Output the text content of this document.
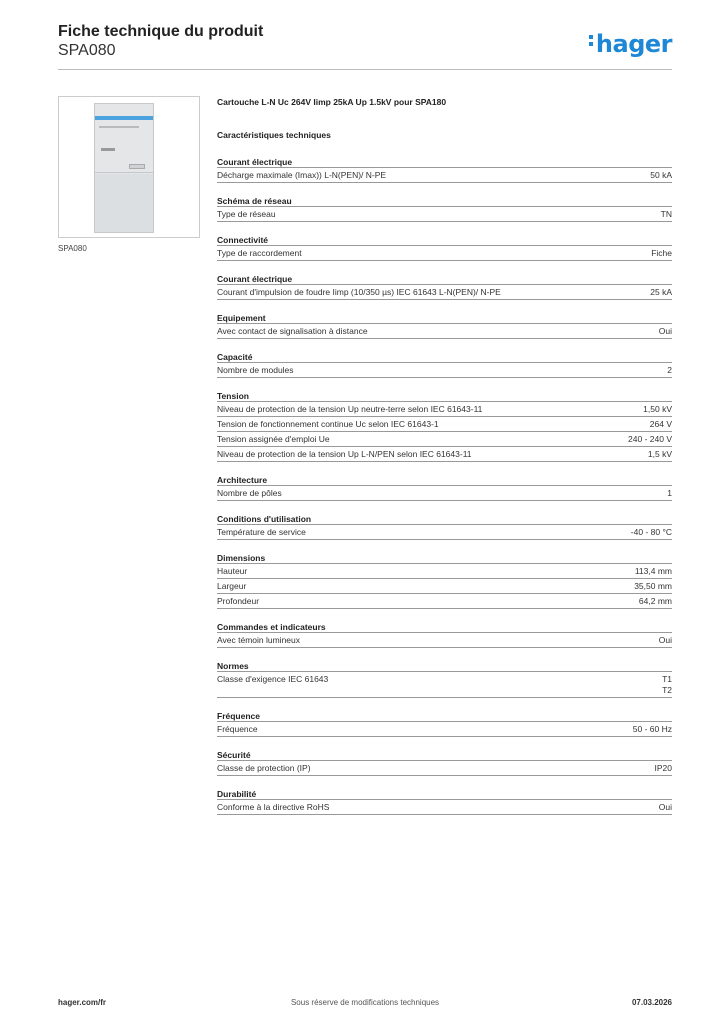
Fiche technique du produit
SPA080	hager
SPA080
Cartouche L-N Uc 264V Iimp 25kA Up 1.5kV pour SPA180
Caractéristiques techniques
Courant électrique
Décharge maximale (Imax)) L-N(PEN)/ N-PE	50 kA
Schéma de réseau
Type de réseau	TN
Connectivité
Type de raccordement	Fiche
Courant électrique
Courant d'impulsion de foudre Iimp (10/350 µs) IEC 61643 L-N(PEN)/ N-PE	25 kA
Equipement
Avec contact de signalisation à distance	Oui
Capacité
Nombre de modules	2
Tension
Niveau de protection de la tension Up neutre-terre selon IEC 61643-11	1,50 kV
Tension de fonctionnement continue Uc selon IEC 61643-1	264 V
Tension assignée d'emploi Ue	240 - 240 V
Niveau de protection de la tension Up L-N/PEN selon IEC 61643-11	1,5 kV
Architecture
Nombre de pôles	1
Conditions d'utilisation
Température de service	-40 - 80 °C
Dimensions
Hauteur	113,4 mm
Largeur	35,50 mm
Profondeur	64,2 mm
Commandes et indicateurs
Avec témoin lumineux	Oui
Normes
Classe d'exigence IEC 61643	T1
T2
Fréquence
Fréquence	50 - 60 Hz
Sécurité
Classe de protection (IP)	IP20
Durabilité
Conforme à la directive RoHS	Oui
hager.com/fr	Sous réserve de modifications techniques	07.03.2026
